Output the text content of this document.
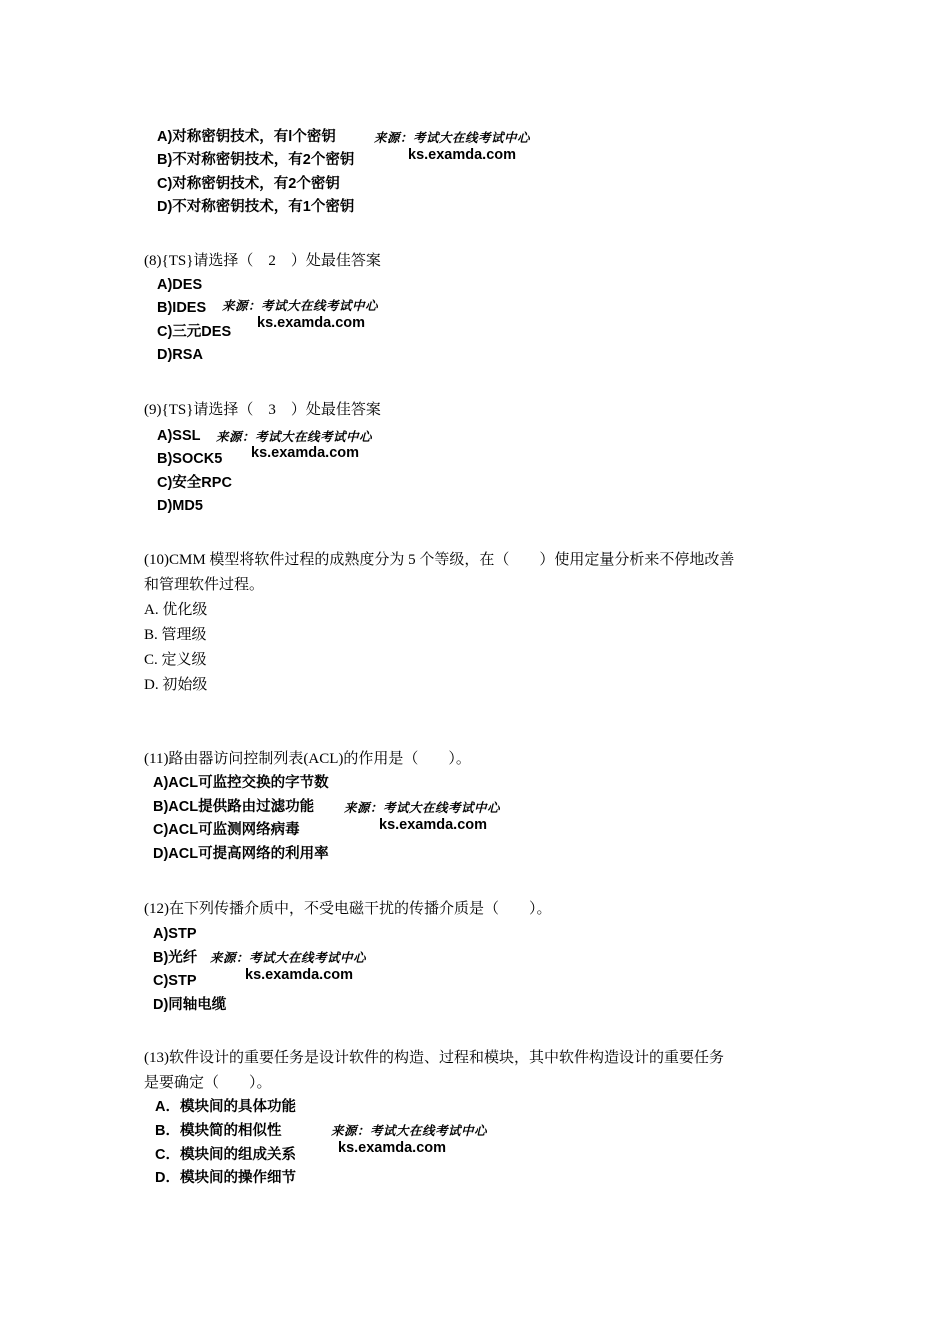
A)对称密钥技术，有l个密钥
B)不对称密钥技术，有2个密钥
C)对称密钥技术，有2个密钥
D)不对称密钥技术，有1个密钥
来源：考试大在线考试中心
ks.examda.com
(8){TS}请选择（　2　）处最佳答案
A)DES
B)IDES
C)三元DES
D)RSA
来源：考试大在线考试中心
ks.examda.com
(9){TS}请选择（　3　）处最佳答案
A)SSL
B)SOCK5
C)安全RPC
D)MD5
来源：考试大在线考试中心
ks.examda.com
(10)CMM 模型将软件过程的成熟度分为 5 个等级，在（　　）使用定量分析来不停地改善
和管理软件过程。
A. 优化级
B. 管理级
C. 定义级
D. 初始级
(11)路由器访问控制列表(ACL)的作用是（　　）。
A)ACL可监控交换的字节数
B)ACL提供路由过滤功能
C)ACL可监测网络病毒
D)ACL可提高网络的利用率
来源：考试大在线考试中心
ks.examda.com
(12)在下列传播介质中，不受电磁干扰的传播介质是（　　）。
A)STP
B)光纤
C)STP
D)同轴电缆
来源：考试大在线考试中心
ks.examda.com
(13)软件设计的重要任务是设计软件的构造、过程和模块，其中软件构造设计的重要任务
是要确定（　　）。
A．模块间的具体功能
B．模块简的相似性
C．模块间的组成关系
D．模块间的操作细节
来源：考试大在线考试中心
ks.examda.com
